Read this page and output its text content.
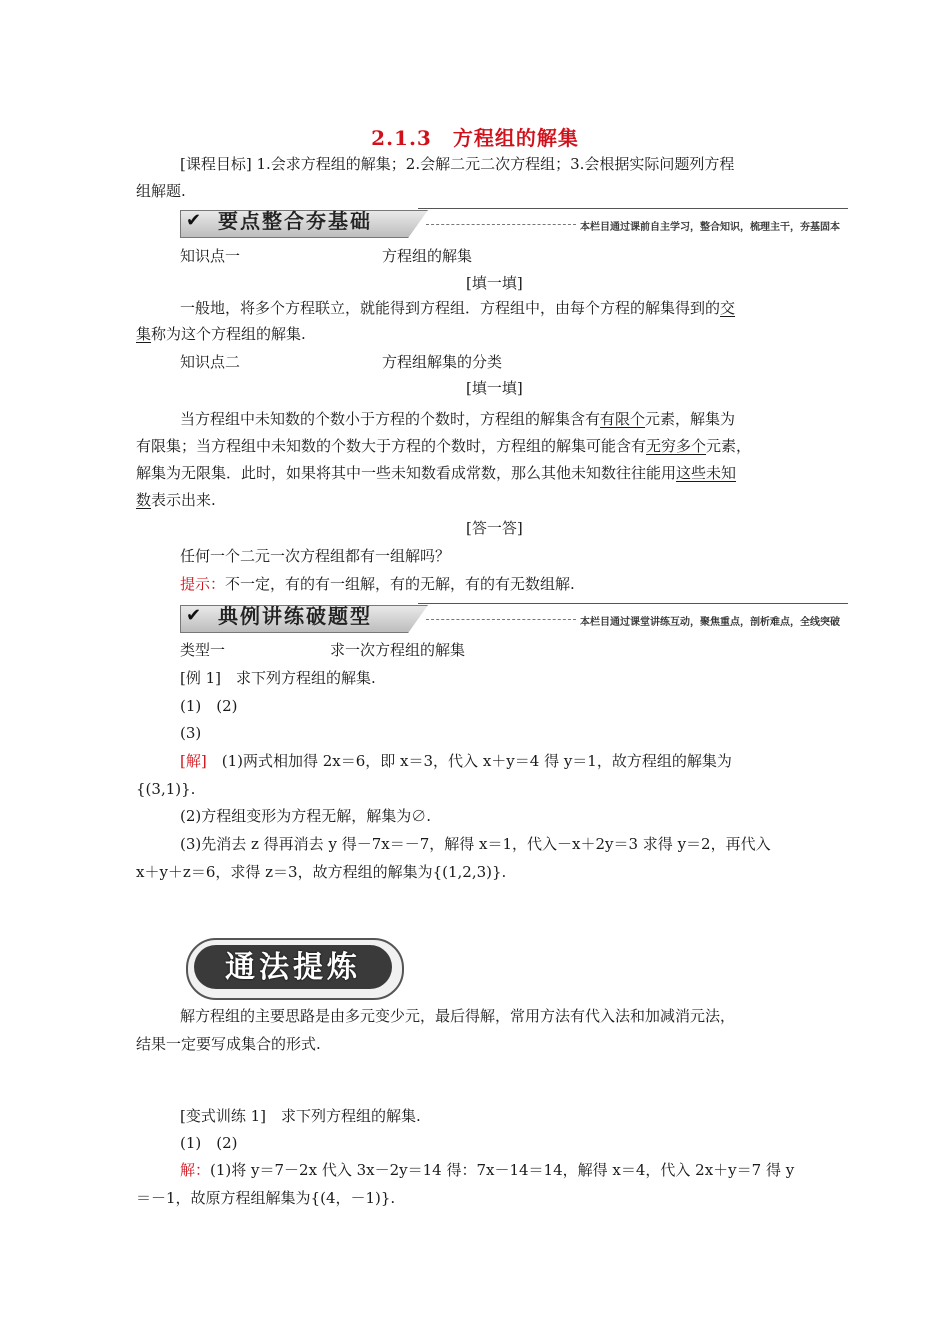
2.1.3　方程组的解集
[课程目标] 1.会求方程组的解集；2.会解二元二次方程组；3.会根据实际问题列方程
组解题.
✔ 要点整合夯基础	本栏目通过课前自主学习，整合知识，梳理主干，夯基固本
知识点一	方程组的解集
[填一填]
一般地，将多个方程联立，就能得到方程组．方程组中，由每个方程的解集得到的交
集称为这个方程组的解集.
知识点二	方程组解集的分类
[填一填]
当方程组中未知数的个数小于方程的个数时，方程组的解集含有有限个元素，解集为
有限集；当方程组中未知数的个数大于方程的个数时，方程组的解集可能含有无穷多个元素，
解集为无限集．此时，如果将其中一些未知数看成常数，那么其他未知数往往能用这些未知
数表示出来.
[答一答]
任何一个二元一次方程组都有一组解吗？
提示：不一定，有的有一组解，有的无解，有的有无数组解.
✔ 典例讲练破题型	本栏目通过课堂讲练互动，聚焦重点，剖析难点，全线突破
类型一	求一次方程组的解集
[例 1]　求下列方程组的解集.
(1)　(2)
(3)
[解]　(1)两式相加得 2x＝6，即 x＝3，代入 x＋y＝4 得 y＝1，故方程组的解集为
{(3,1)}.
(2)方程组变形为方程无解，解集为∅.
(3)先消去 z 得再消去 y 得－7x＝－7，解得 x＝1，代入－x＋2y＝3 求得 y＝2，再代入
x＋y＋z＝6，求得 z＝3，故方程组的解集为{(1,2,3)}.
通法提炼
解方程组的主要思路是由多元变少元，最后得解，常用方法有代入法和加减消元法，
结果一定要写成集合的形式.
[变式训练 1]　求下列方程组的解集.
(1)　(2)
解：(1)将 y＝7－2x 代入 3x－2y＝14 得：7x－14＝14，解得 x＝4，代入 2x＋y＝7 得 y
＝－1，故原方程组解集为{(4，－1)}.
